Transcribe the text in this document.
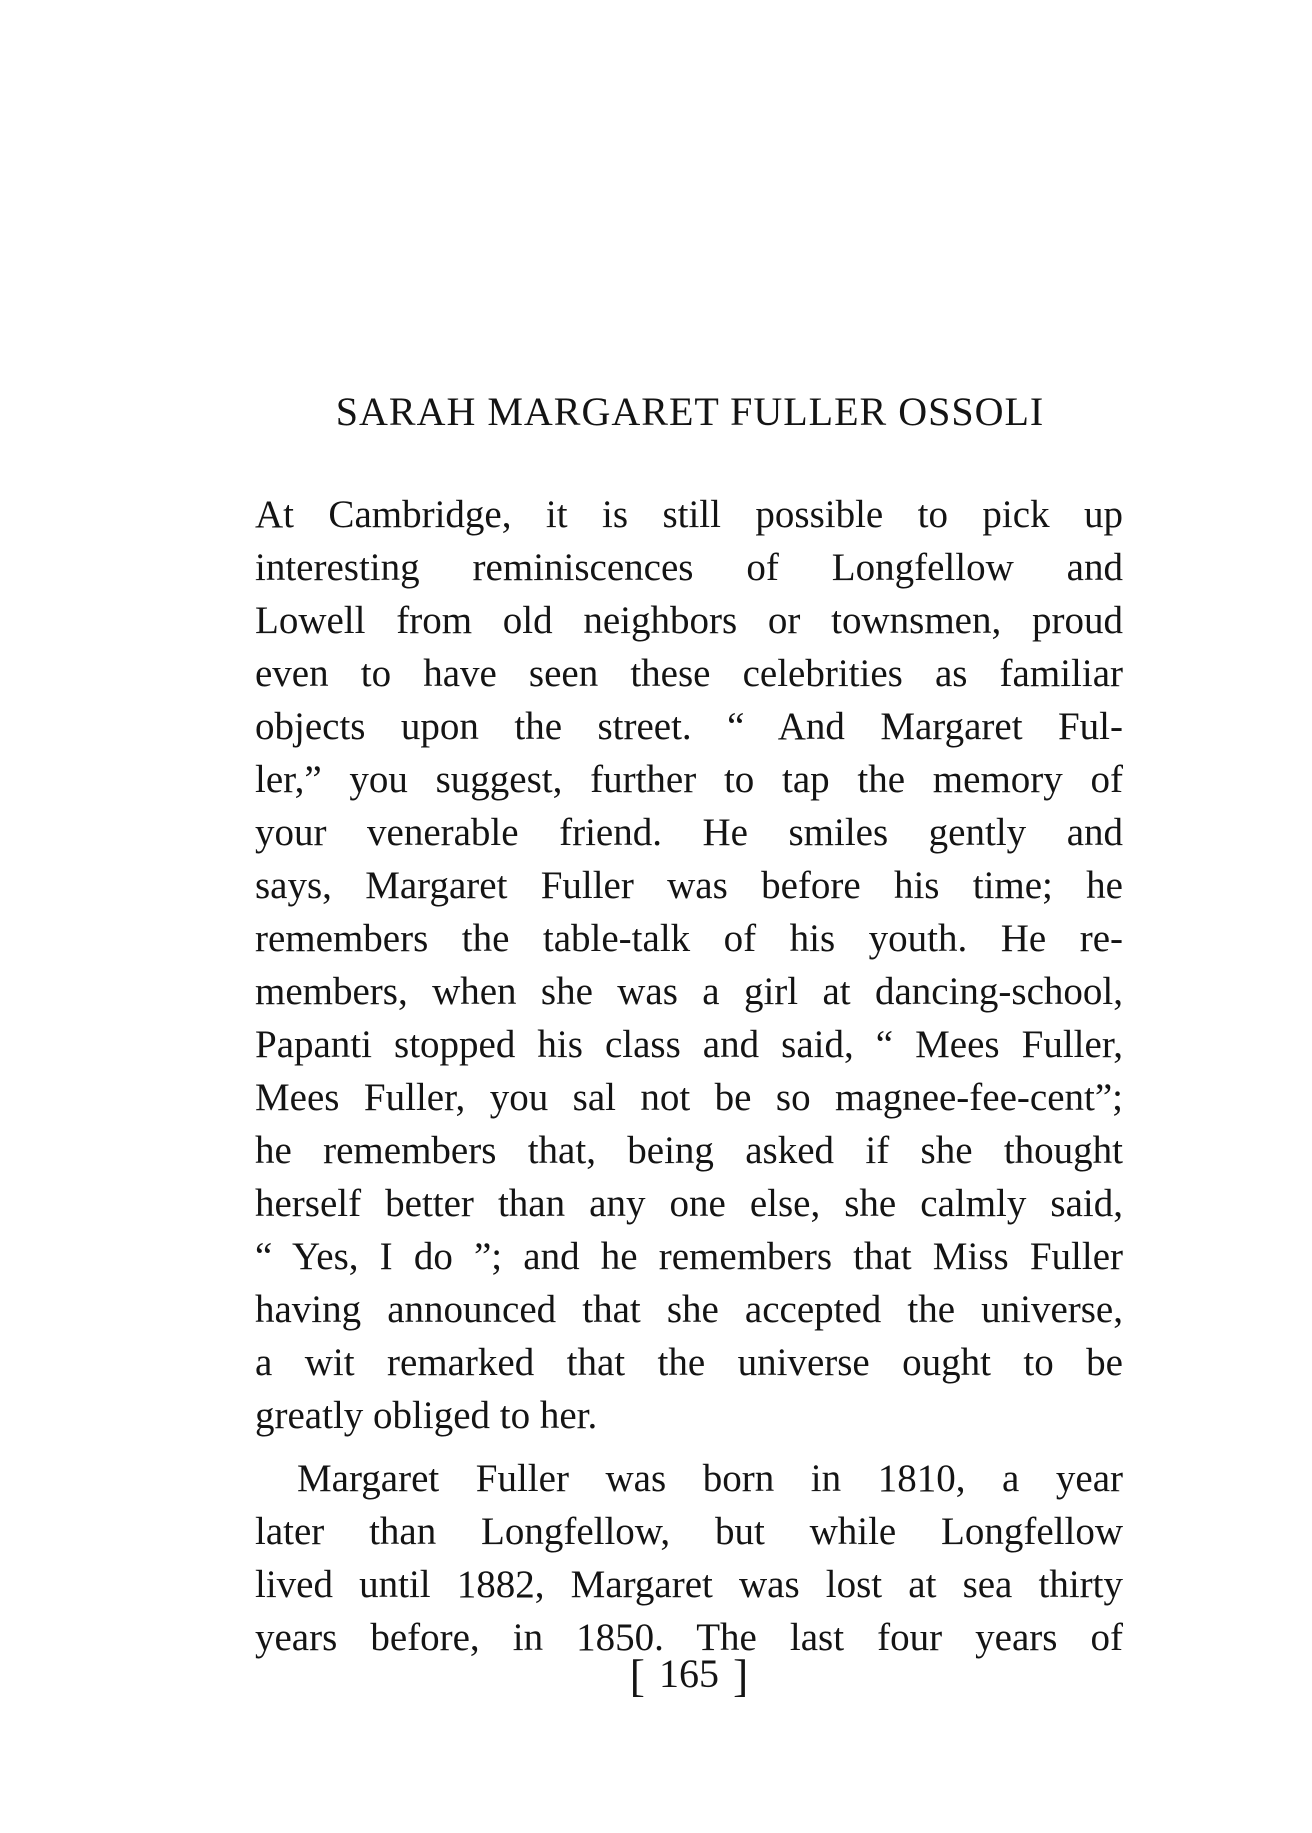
SARAH MARGARET FULLER OSSOLI
At Cambridge, it is still possible to pick up
interesting reminiscences of Longfellow and
Lowell from old neighbors or townsmen, proud
even to have seen these celebrities as familiar
objects upon the street. “ And Margaret Ful-
ler,” you suggest, further to tap the memory of
your venerable friend. He smiles gently and
says, Margaret Fuller was before his time; he
remembers the table-talk of his youth. He re-
members, when she was a girl at dancing-school,
Papanti stopped his class and said, “ Mees Fuller,
Mees Fuller, you sal not be so magnee-fee-cent”;
he remembers that, being asked if she thought
herself better than any one else, she calmly said,
“ Yes, I do ”; and he remembers that Miss Fuller
having announced that she accepted the universe,
a wit remarked that the universe ought to be
greatly obliged to her.
Margaret Fuller was born in 1810, a year
later than Longfellow, but while Longfellow
lived until 1882, Margaret was lost at sea thirty
years before, in 1850. The last four years of
[ 165 ]
